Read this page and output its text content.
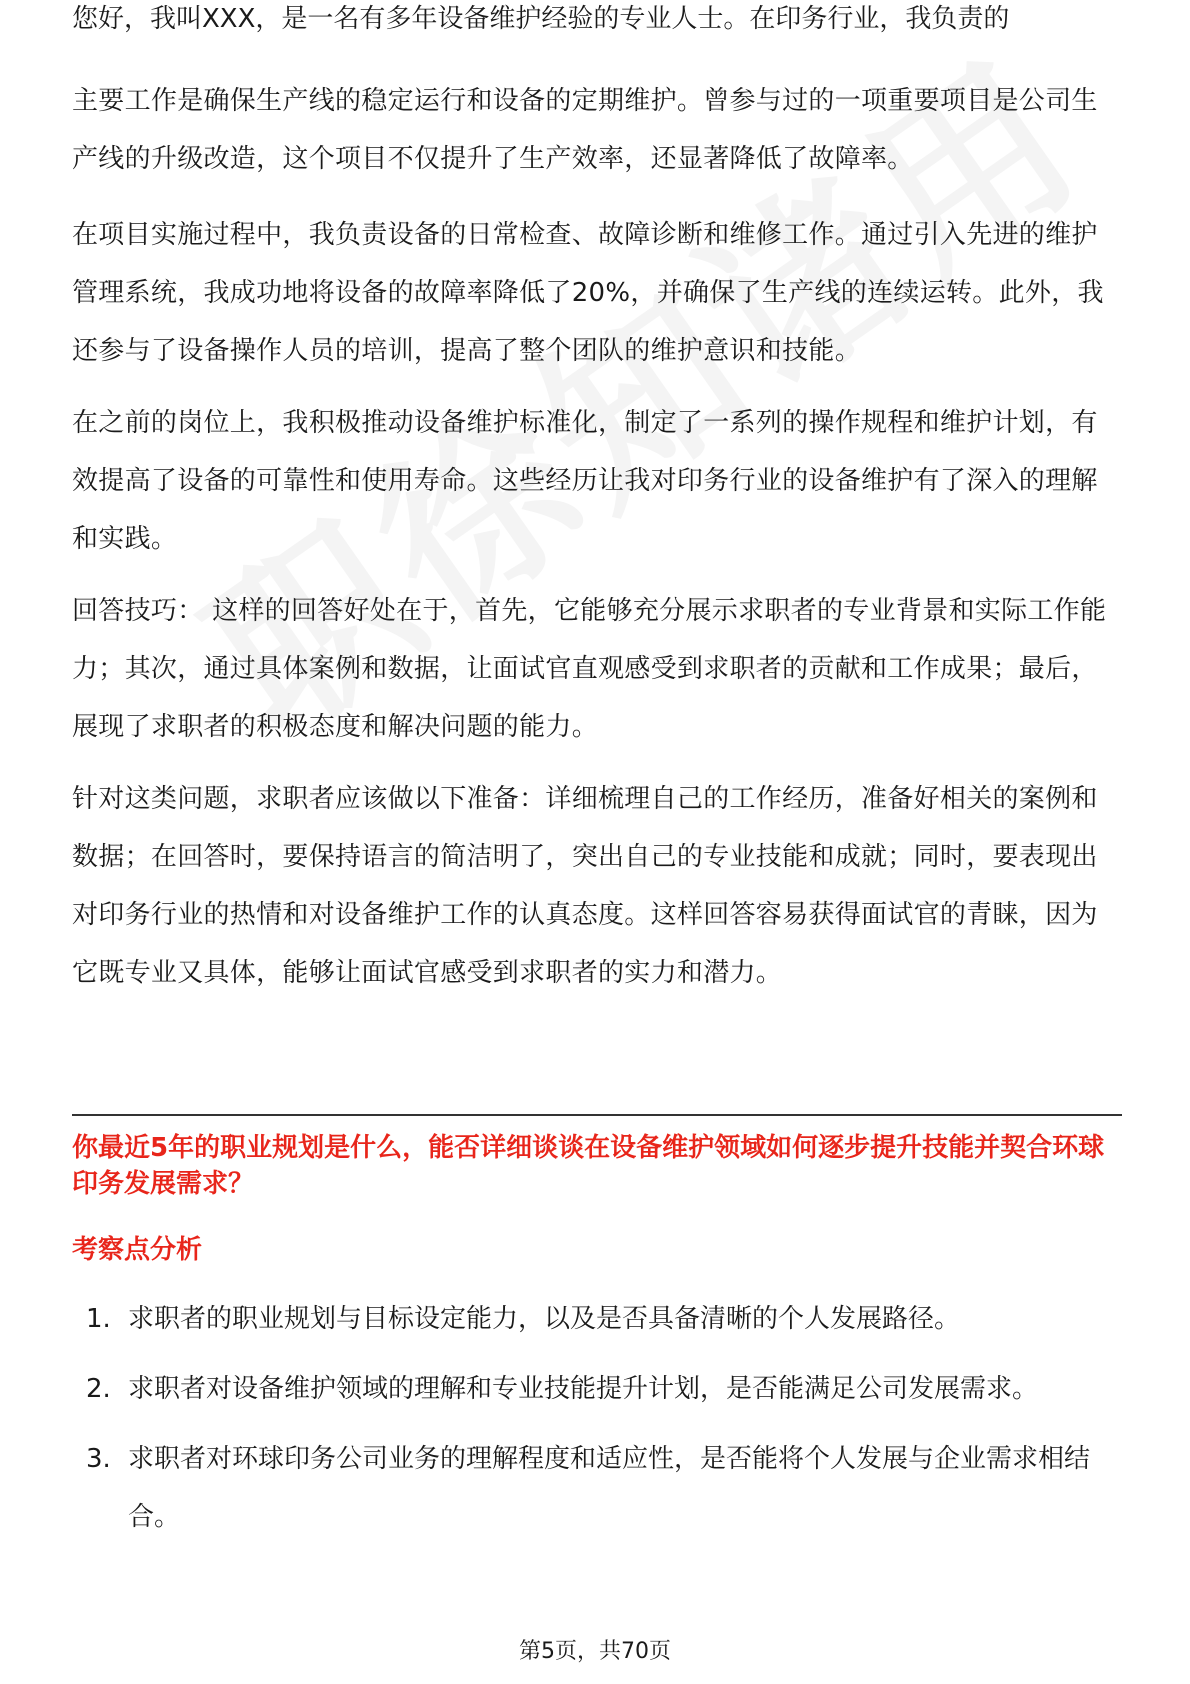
您好，我叫XXX，是一名有多年设备维护经验的专业人士。在印务行业，我负责的

主要工作是确保生产线的稳定运行和设备的定期维护。曾参与过的一项重要项目是公司生产线的升级改造，这个项目不仅提升了生产效率，还显著降低了故障率。

在项目实施过程中，我负责设备的日常检查、故障诊断和维修工作。通过引入先进的维护管理系统，我成功地将设备的故障率降低了20%，并确保了生产线的连续运转。此外，我还参与了设备操作人员的培训，提高了整个团队的维护意识和技能。

在之前的岗位上，我积极推动设备维护标准化，制定了一系列的操作规程和维护计划，有效提高了设备的可靠性和使用寿命。这些经历让我对印务行业的设备维护有了深入的理解和实践。

回答技巧： 这样的回答好处在于，首先，它能够充分展示求职者的专业背景和实际工作能力；其次，通过具体案例和数据，让面试官直观感受到求职者的贡献和工作成果；最后，展现了求职者的积极态度和解决问题的能力。

针对这类问题，求职者应该做以下准备：详细梳理自己的工作经历，准备好相关的案例和数据；在回答时，要保持语言的简洁明了，突出自己的专业技能和成就；同时，要表现出对印务行业的热情和对设备维护工作的认真态度。这样回答容易获得面试官的青睐，因为它既专业又具体，能够让面试官感受到求职者的实力和潜力。

你最近5年的职业规划是什么，能否详细谈谈在设备维护领域如何逐步提升技能并契合环球印务发展需求？
考察点分析
1. 求职者的职业规划与目标设定能力，以及是否具备清晰的个人发展路径。
2. 求职者对设备维护领域的理解和专业技能提升计划，是否能满足公司发展需求。
3. 求职者对环球印务公司业务的理解程度和适应性，是否能将个人发展与企业需求相结合。
第5页，共70页
